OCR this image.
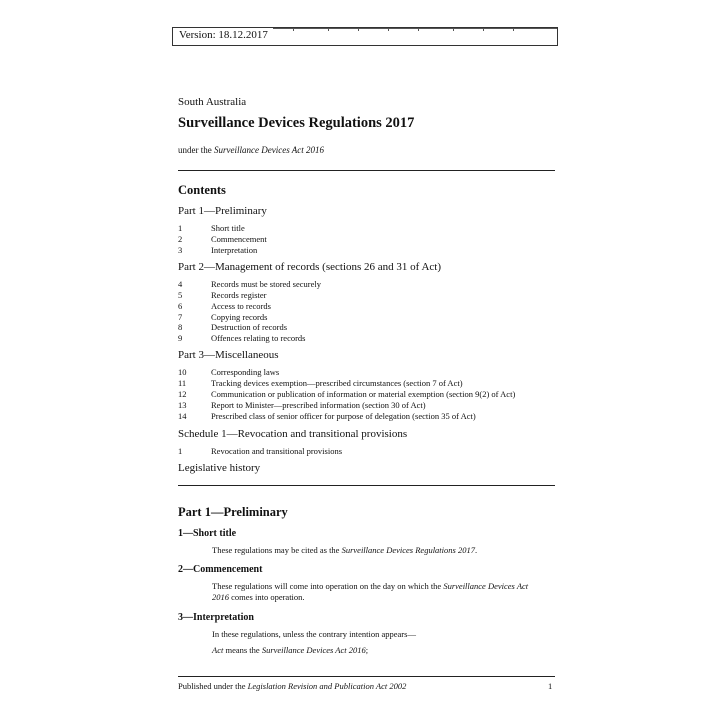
Version: 18.12.2017
South Australia
Surveillance Devices Regulations 2017
under the Surveillance Devices Act 2016
Contents
Part 1—Preliminary
1	Short title
2	Commencement
3	Interpretation
Part 2—Management of records (sections 26 and 31 of Act)
4	Records must be stored securely
5	Records register
6	Access to records
7	Copying records
8	Destruction of records
9	Offences relating to records
Part 3—Miscellaneous
10	Corresponding laws
11	Tracking devices exemption—prescribed circumstances (section 7 of Act)
12	Communication or publication of information or material exemption (section 9(2) of Act)
13	Report to Minister—prescribed information (section 30 of Act)
14	Prescribed class of senior officer for purpose of delegation (section 35 of Act)
Schedule 1—Revocation and transitional provisions
1	Revocation and transitional provisions
Legislative history
Part 1—Preliminary
1—Short title
These regulations may be cited as the Surveillance Devices Regulations 2017.
2—Commencement
These regulations will come into operation on the day on which the Surveillance Devices Act 2016 comes into operation.
3—Interpretation
In these regulations, unless the contrary intention appears—
Act means the Surveillance Devices Act 2016;
Published under the Legislation Revision and Publication Act 2002	1
